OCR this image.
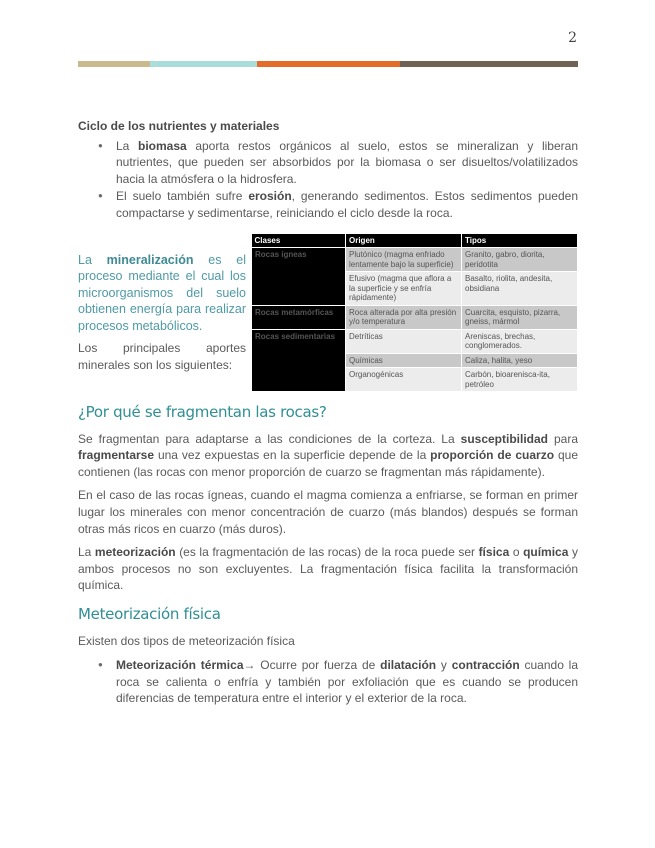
2
Ciclo de los nutrientes y materiales
● La biomasa aporta restos orgánicos al suelo, estos se mineralizan y liberan nutrientes, que pueden ser absorbidos por la biomasa o ser disueltos/volatilizados hacia la atmósfera o la hidrosfera.
● El suelo también sufre erosión, generando sedimentos. Estos sedimentos pueden compactarse y sedimentarse, reiniciando el ciclo desde la roca.

La mineralización es el proceso mediante el cual los microorganismos del suelo obtienen energía para realizar procesos metabólicos.

Los principales aportes minerales son los siguientes:

Clases	Origen	Tipos
Rocas ígneas	Plutónico (magma enfriado lentamente bajo la superficie)	Granito, gabro, diorita, peridotita
	Efusivo (magma que aflora a la superficie y se enfría rápidamente)	Basalto, riolita, andesita, obsidiana
Rocas metamórficas	Roca alterada por alta presión y/o temperatura	Cuarcita, esquisto, pizarra, gneiss, mármol
Rocas sedimentarias	Detríticas	Areniscas, brechas, conglomerados.
	Químicas	Caliza, halita, yeso
	Organogénicas	Carbón, bioarenisca-ita, petróleo
¿Por qué se fragmentan las rocas?

Se fragmentan para adaptarse a las condiciones de la corteza. La susceptibilidad para fragmentarse una vez expuestas en la superficie depende de la proporción de cuarzo que contienen (las rocas con menor proporción de cuarzo se fragmentan más rápidamente).

En el caso de las rocas ígneas, cuando el magma comienza a enfriarse, se forman en primer lugar los minerales con menor concentración de cuarzo (más blandos) después se forman otras más ricos en cuarzo (más duros).

La meteorización (es la fragmentación de las rocas) de la roca puede ser física o química y ambos procesos no son excluyentes. La fragmentación física facilita la transformación química.

Meteorización física

Existen dos tipos de meteorización física

● Meteorización térmica→ Ocurre por fuerza de dilatación y contracción cuando la roca se calienta o enfría y también por exfoliación que es cuando se producen diferencias de temperatura entre el interior y el exterior de la roca.
